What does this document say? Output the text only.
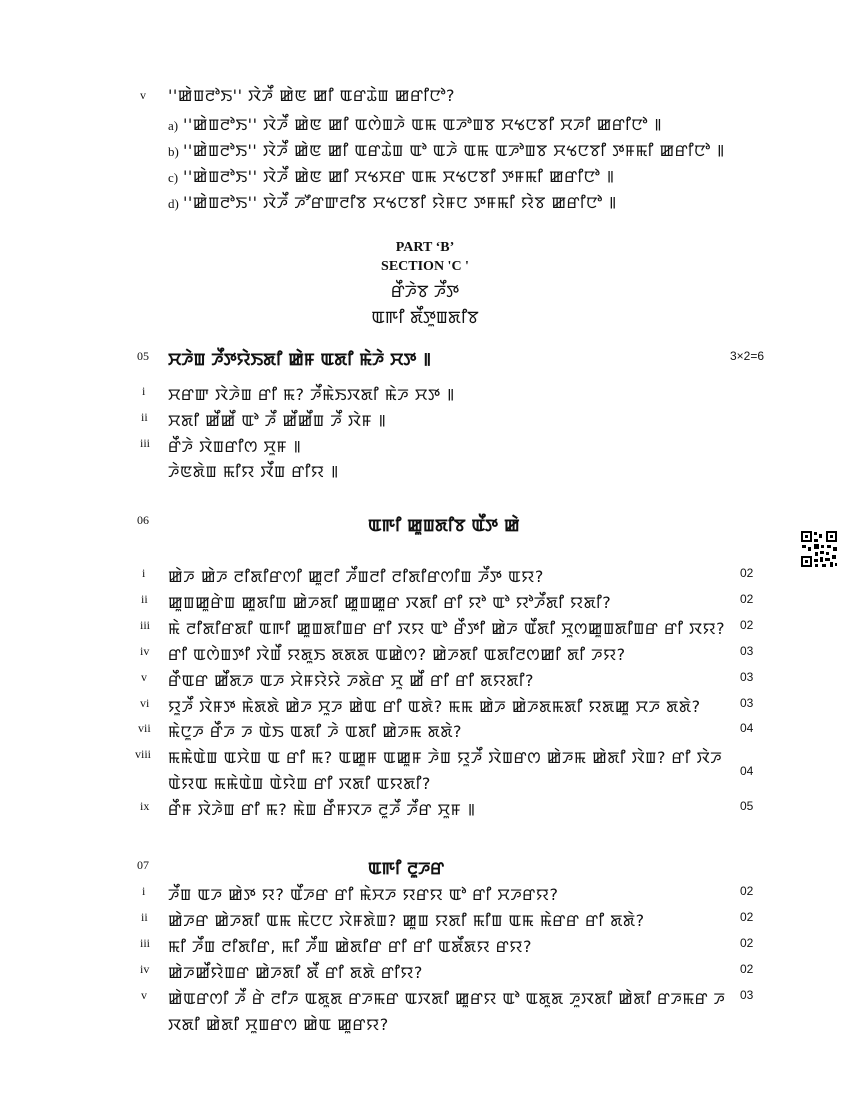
v ''ꯀꯥꯡꯂꯣꯏ'' ꯋꯥꯍꯩ ꯀꯥꯟ ꯀꯤ ꯑꯔꯊꯥꯡ ꯀꯔꯤꯅꯣ?
a) ''ꯀꯥꯡꯂꯣꯏ'' ꯋꯥꯍꯩ ꯀꯥꯟ ꯀꯤ ꯑꯁꯥꯡꯍꯥ ꯑꯃ ꯑꯍꯣꯡꯕ ꯆꯠꯅꯕꯤ ꯆꯍꯤ ꯀꯔꯤꯅꯣ ꯫
b) ''ꯀꯥꯡꯂꯣꯏ'' ꯋꯥꯍꯩ ꯀꯥꯟ ꯀꯤ ꯑꯔꯊꯥꯡ ꯑꯣ ꯑꯍꯥ ꯑꯃ ꯑꯍꯣꯡꯕ ꯆꯠꯅꯕꯤ ꯇꯝꯃꯤ ꯀꯔꯤꯅꯣ ꯫
c) ''ꯀꯥꯡꯂꯣꯏ'' ꯋꯥꯍꯩ ꯀꯥꯟ ꯀꯤ ꯆꯠꯆꯔ ꯑꯃ ꯆꯠꯅꯕꯤ ꯇꯝꯃꯤ ꯀꯔꯤꯅꯣ ꯫
d) ''ꯀꯥꯡꯂꯣꯏ'' ꯋꯥꯍꯩ ꯍꯧꯔꯛꯂꯤꯕ ꯆꯠꯅꯕꯤ ꯌꯥꯝꯅ ꯇꯝꯃꯤ ꯌꯥꯕ ꯀꯔꯤꯅꯣ ꯫
PART ‘B’
SECTION 'C '
ꯔꯩꯍꯥꯕ ꯍꯩꯇ
ꯑꯒꯤ ꯗꯩꯇꯨꯡꯗꯤꯕ
05 ꯆꯍꯥꯡ ꯍꯩꯇꯌꯥꯏꯗꯤ ꯀꯥꯝ ꯑꯗꯤ ꯃꯥꯍꯥ ꯆꯇ ꯫	3×2=6
i ꯆꯔꯛ ꯋꯥꯍꯥꯡ ꯔꯤ ꯃ? ꯍꯩꯃꯥꯏꯋꯗꯤ ꯃꯥꯍ ꯆꯇ ꯫
ii ꯆꯗꯤ ꯀꯩꯀꯩ ꯑꯣ ꯍꯩ ꯀꯩꯀꯩꯡ ꯍꯩ ꯋꯥꯝ ꯫
iii ꯔꯩꯍꯥ ꯋꯥꯡꯔꯤꯁ ꯆꯨꯝ ꯫
ꯍꯥꯟꯗꯥꯡ ꯃꯤꯌ ꯋꯩꯡ ꯔꯤꯌ ꯫
06	ꯑꯒꯤ ꯀꯨꯡꯗꯤꯕ ꯑꯩꯇ ꯀꯥ
i ꯀꯥꯍ ꯀꯥꯍ ꯂꯤꯗꯤꯔꯁꯤ ꯀꯨꯂꯤ ꯍꯩꯡꯂꯤ ꯂꯤꯗꯤꯔꯁꯤꯡ ꯍꯩꯇ ꯑꯌ?	02
ii ꯀꯨꯡꯀꯨꯔꯥꯡ ꯀꯨꯗꯤꯡ ꯀꯥꯍꯗꯤ ꯀꯨꯡꯀꯨꯔ ꯋꯗꯤ ꯔꯤ ꯌꯣ ꯑꯣ ꯌꯣꯍꯩꯗꯤ ꯌꯗꯤ?	02
iii ꯃꯥ ꯂꯤꯗꯤꯔꯗꯤ ꯑꯒꯤ ꯀꯨꯡꯗꯤꯡꯔ ꯔꯤ ꯋꯌ ꯑꯣ ꯔꯩꯇꯤ ꯀꯥꯍ ꯑꯩꯗꯤ ꯆꯨꯁꯀꯨꯡꯗꯤꯡꯔ ꯔꯤ ꯋꯌ? 02
iv ꯔꯤ ꯑꯁꯥꯡꯇꯤ ꯋꯥꯡꯩ ꯌꯗꯨꯏ ꯗꯗꯗ ꯑꯀꯥꯁ? ꯀꯥꯍꯗꯤ ꯑꯗꯤꯂꯁꯀꯤ ꯗꯤ ꯍꯌ?	03
v ꯔꯩꯑꯔ ꯀꯩꯗꯍ ꯑꯍ ꯆꯥꯝꯌꯥꯌꯥ ꯍꯗꯥꯔ ꯆꯨ ꯀꯩ ꯔꯤ ꯔꯤ ꯗꯌꯗꯤ?	03
vi ꯌꯨꯍꯩ ꯋꯥꯝꯇ ꯃꯥꯗꯗꯥ ꯀꯥꯍ ꯆꯨꯍ ꯀꯥꯑ ꯔꯤ ꯑꯗꯥ? ꯃꯃ ꯀꯥꯍ ꯀꯥꯍꯗꯃꯗꯤ ꯌꯗꯀꯨ ꯆꯍ ꯗꯗꯥ?	03
vii ꯃꯥꯅꯨꯍ ꯔꯩꯍ ꯍ ꯑꯥꯏ ꯑꯗꯤ ꯍꯥ ꯑꯗꯤ ꯀꯥꯍꯃ ꯗꯗꯥ?	04
viii ꯃꯃꯥꯑꯥꯡ ꯑꯆꯥꯡ ꯑ ꯔꯤ ꯃ? ꯑꯀꯨꯝ ꯑꯀꯨꯝ ꯍꯥꯡ ꯌꯨꯍꯩ ꯋꯥꯡꯔꯁ ꯀꯥꯍꯃ ꯀꯥꯗꯤ ꯋꯥꯡ? ꯔꯤ ꯋꯥꯍ
ꯑꯥꯌꯑ ꯃꯃꯥꯑꯥꯡ ꯑꯥꯌꯥꯡ ꯔꯤ ꯋꯗꯤ ꯑꯌꯗꯤ?
04
ix ꯔꯩꯝ ꯋꯥꯍꯥꯡ ꯔꯤ ꯃ? ꯃꯥꯡ ꯔꯩꯝꯋꯍ ꯂꯨꯍꯩ ꯍꯩꯔ ꯆꯨꯝ ꯫	05
07	ꯑꯒꯤ ꯂꯨꯍꯔ
i ꯍꯩꯡ ꯑꯍ ꯀꯥꯇ ꯌ? ꯑꯩꯍꯔ ꯔꯤ ꯃꯥꯆꯍ ꯌꯔꯌ ꯑꯣ ꯔꯤ ꯆꯍꯔꯌ?	02
ii ꯀꯥꯍꯔ ꯀꯥꯍꯗꯤ ꯑꯃ ꯃꯥꯅꯅ ꯋꯥꯝꯗꯥꯡ? ꯀꯨꯡ ꯌꯗꯤ ꯃꯤꯡ ꯑꯃ ꯃꯥꯔꯔ ꯔꯤ ꯗꯗꯥ?	02
iii ꯃꯤ ꯍꯩꯡ ꯂꯤꯗꯤꯔ, ꯃꯤ ꯍꯩꯡ ꯀꯥꯗꯤꯔ ꯔꯤ ꯔꯤ ꯑꯗꯩꯗꯌ ꯔꯌ?	02
iv ꯀꯥꯍꯀꯩꯌꯥꯡꯔ ꯀꯥꯍꯗꯤ ꯗꯩ ꯔꯤ ꯗꯗꯥ ꯔꯤꯌ?	02
v ꯀꯥꯑꯔꯁꯤ ꯍꯩ ꯔꯥ ꯂꯤꯍ ꯑꯗꯨꯗ ꯔꯍꯃꯔ ꯑꯋꯗꯤ ꯀꯨꯔꯌ ꯑꯣ ꯑꯗꯨꯗ ꯍꯨꯋꯗꯤ ꯀꯥꯗꯤ ꯔꯍꯃꯔ ꯍ
ꯋꯗꯤ ꯀꯥꯗꯤ ꯆꯨꯡꯔꯁ ꯀꯥꯑ ꯀꯨꯔꯌ?
03
